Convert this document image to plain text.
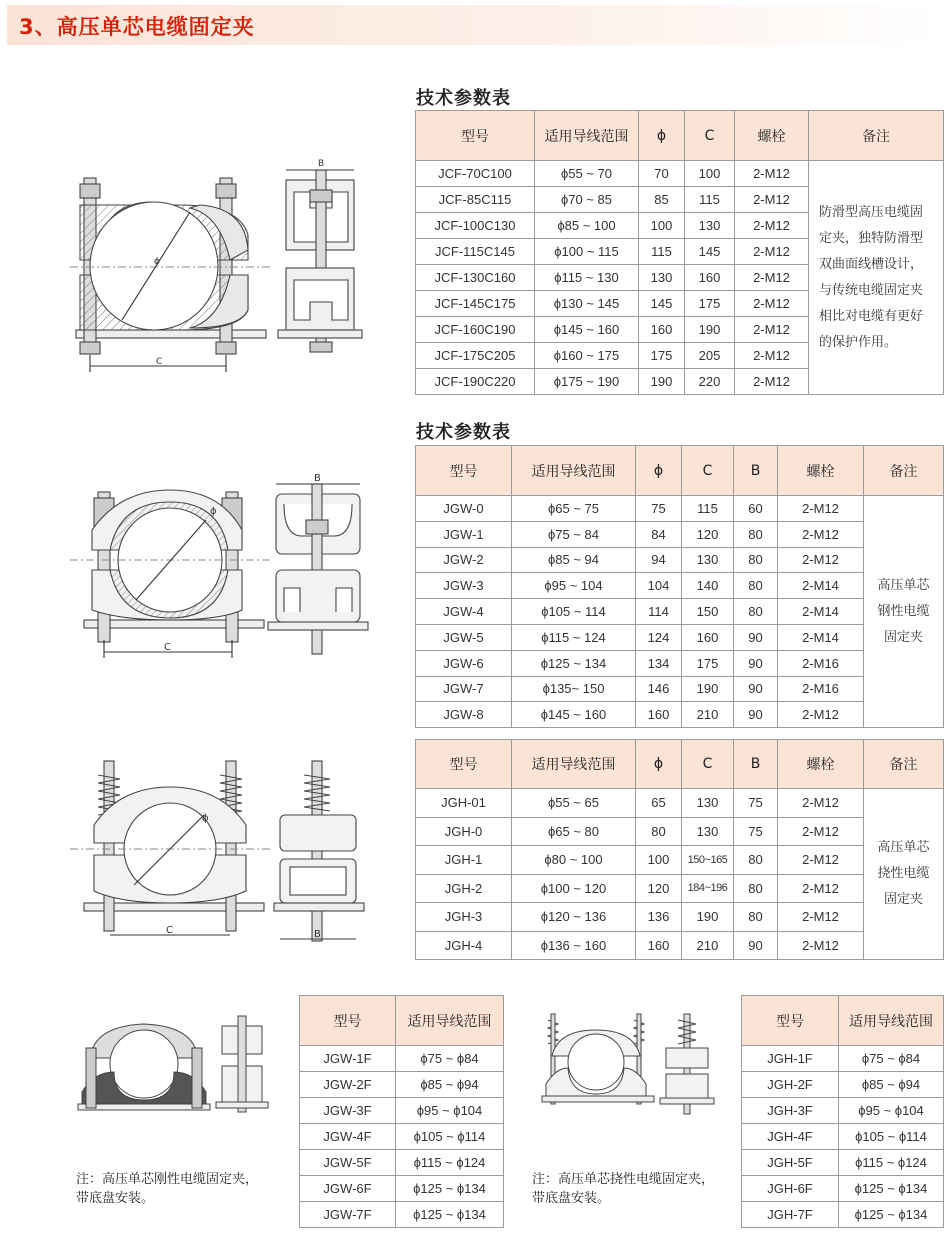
3、高压单芯电缆固定夹
技术参数表
型号	适用导线范围	ϕ	C	螺栓	备注
JCF-70C100	ϕ55 ~ 70	70	100	2-M12	防滑型高压电缆固定夹，独特防滑型双曲面线槽设计，与传统电缆固定夹相比对电缆有更好的保护作用。
JCF-85C115	ϕ70 ~ 85	85	115	2-M12	
JCF-100C130	ϕ85 ~ 100	100	130	2-M12	
JCF-115C145	ϕ100 ~ 115	115	145	2-M12	
JCF-130C160	ϕ115 ~ 130	130	160	2-M12	
JCF-145C175	ϕ130 ~ 145	145	175	2-M12	
JCF-160C190	ϕ145 ~ 160	160	190	2-M12	
JCF-175C205	ϕ160 ~ 175	175	205	2-M12	
JCF-190C220	ϕ175 ~ 190	190	220	2-M12	
技术参数表
型号	适用导线范围	ϕ	C	B	螺栓	备注
JGW-0	ϕ65 ~ 75	75	115	60	2-M12	高压单芯钢性电缆固定夹
JGW-1	ϕ75 ~ 84	84	120	80	2-M12	
JGW-2	ϕ85 ~ 94	94	130	80	2-M12	
JGW-3	ϕ95 ~ 104	104	140	80	2-M14	
JGW-4	ϕ105 ~ 114	114	150	80	2-M14	
JGW-5	ϕ115 ~ 124	124	160	90	2-M14	
JGW-6	ϕ125 ~ 134	134	175	90	2-M16	
JGW-7	ϕ135~ 150	146	190	90	2-M16	
JGW-8	ϕ145 ~ 160	160	210	90	2-M12	
型号	适用导线范围	ϕ	C	B	螺栓	备注
JGH-01	ϕ55 ~ 65	65	130	75	2-M12	高压单芯挠性电缆固定夹
JGH-0	ϕ65 ~ 80	80	130	75	2-M12	
JGH-1	ϕ80 ~ 100	100	150~165	80	2-M12	
JGH-2	ϕ100 ~ 120	120	184~196	80	2-M12	
JGH-3	ϕ120 ~ 136	136	190	80	2-M12	
JGH-4	ϕ136 ~ 160	160	210	90	2-M12	
型号	适用导线范围
JGW-1F	ϕ75 ~ ϕ84
JGW-2F	ϕ85 ~ ϕ94
JGW-3F	ϕ95 ~ ϕ104
JGW-4F	ϕ105 ~ ϕ114
JGW-5F	ϕ115 ~ ϕ124
JGW-6F	ϕ125 ~ ϕ134
JGW-7F	ϕ125 ~ ϕ134
型号	适用导线范围
JGH-1F	ϕ75 ~ ϕ84
JGH-2F	ϕ85 ~ ϕ94
JGH-3F	ϕ95 ~ ϕ104
JGH-4F	ϕ105 ~ ϕ114
JGH-5F	ϕ115 ~ ϕ124
JGH-6F	ϕ125 ~ ϕ134
JGH-7F	ϕ125 ~ ϕ134
B
C
ϕ
B
C
ϕ
C	B
ϕ
注：高压单芯刚性电缆固定夹，
带底盘安装。
注：高压单芯挠性电缆固定夹，
带底盘安装。
